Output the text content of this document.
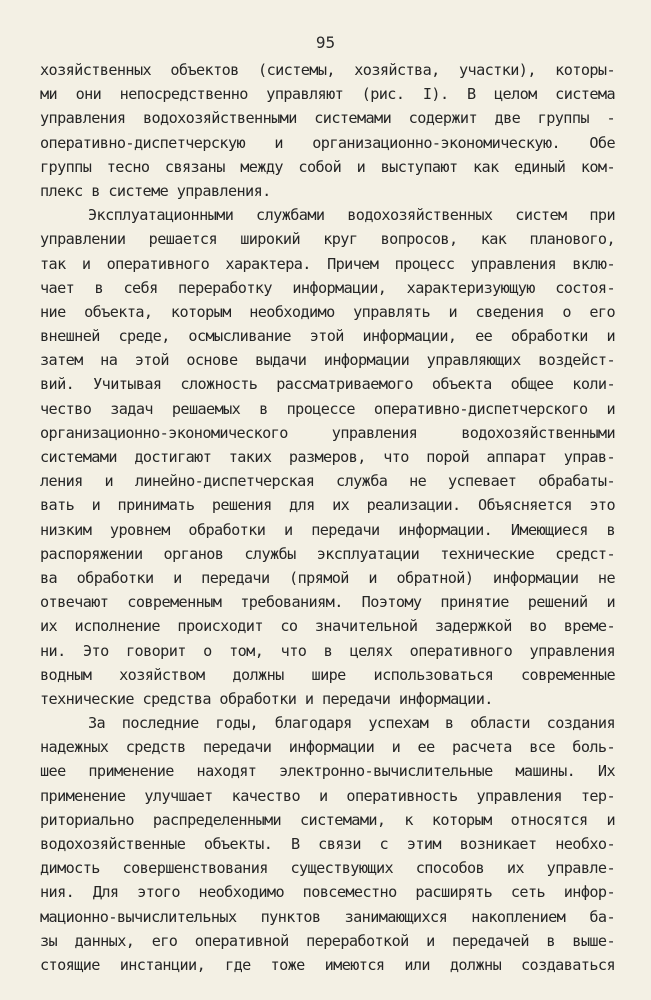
95
хозяйственных объектов (системы, хозяйства, участки), которы-
ми они непосредственно управляют (рис. I). В целом система
управления водохозяйственными системами содержит две группы -
оперативно-диспетчерскую и организационно-экономическую. Обе
группы тесно связаны между собой и выступают как единый ком-
плекс в системе управления.
Эксплуатационными службами водохозяйственных систем при
управлении решается широкий круг вопросов, как планового,
так и оперативного характера. Причем процесс управления вклю-
чает в себя переработку информации, характеризующую состоя-
ние объекта, которым необходимо управлять и сведения о его
внешней среде, осмысливание этой информации, ее обработки и
затем на этой основе выдачи информации управляющих воздейст-
вий. Учитывая сложность рассматриваемого объекта общее коли-
чество задач решаемых в процессе оперативно-диспетчерского и
организационно-экономического управления водохозяйственными
системами достигают таких размеров, что порой аппарат управ-
ления и линейно-диспетчерская служба не успевает обрабаты-
вать и принимать решения для их реализации. Объясняется это
низким уровнем обработки и передачи информации. Имеющиеся в
распоряжении органов службы эксплуатации технические средст-
ва обработки и передачи (прямой и обратной) информации не
отвечают современным требованиям. Поэтому принятие решений и
их исполнение происходит со значительной задержкой во време-
ни. Это говорит о том, что в целях оперативного управления
водным хозяйством должны шире использоваться современные
технические средства обработки и передачи информации.
За последние годы, благодаря успехам в области создания
надежных средств передачи информации и ее расчета все боль-
шее применение находят электронно-вычислительные машины. Их
применение улучшает качество и оперативность управления тер-
риториально распределенными системами, к которым относятся и
водохозяйственные объекты. В связи с этим возникает необхо-
димость совершенствования существующих способов их управле-
ния. Для этого необходимо повсеместно расширять сеть инфор-
мационно-вычислительных пунктов занимающихся накоплением ба-
зы данных, его оперативной переработкой и передачей в выше-
стоящие инстанции, где тоже имеются или должны создаваться
